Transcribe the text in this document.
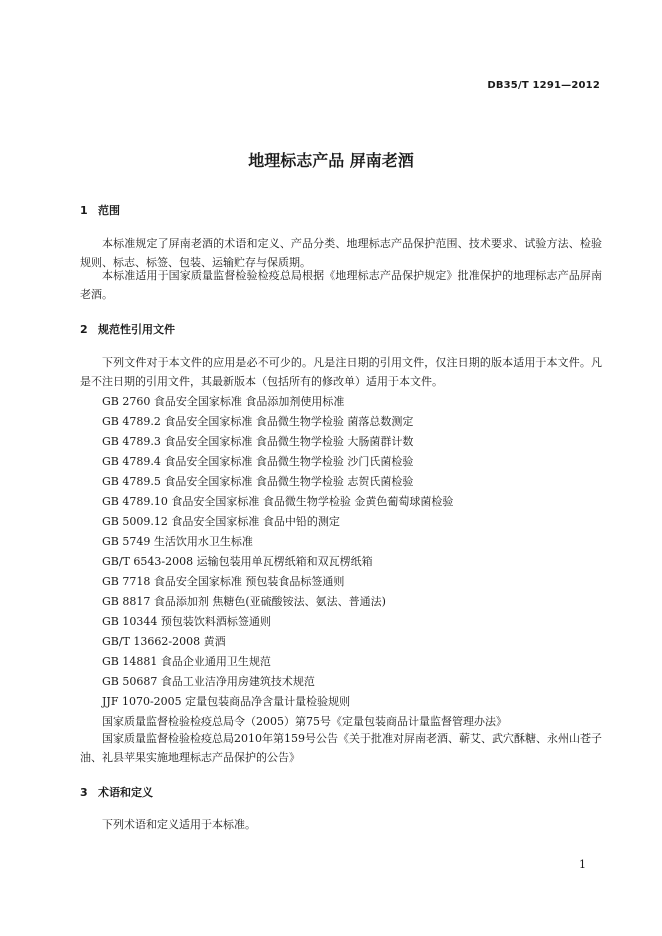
DB35/T 1291—2012
地理标志产品 屏南老酒
1 范围
本标准规定了屏南老酒的术语和定义、产品分类、地理标志产品保护范围、技术要求、试验方法、检验规则、标志、标签、包装、运输贮存与保质期。
本标准适用于国家质量监督检验检疫总局根据《地理标志产品保护规定》批准保护的地理标志产品屏南老酒。
2 规范性引用文件
下列文件对于本文件的应用是必不可少的。凡是注日期的引用文件，仅注日期的版本适用于本文件。凡是不注日期的引用文件，其最新版本（包括所有的修改单）适用于本文件。
GB 2760 食品安全国家标准 食品添加剂使用标准
GB 4789.2 食品安全国家标准 食品微生物学检验 菌落总数测定
GB 4789.3 食品安全国家标准 食品微生物学检验 大肠菌群计数
GB 4789.4 食品安全国家标准 食品微生物学检验 沙门氏菌检验
GB 4789.5 食品安全国家标准 食品微生物学检验 志贺氏菌检验
GB 4789.10 食品安全国家标准 食品微生物学检验 金黄色葡萄球菌检验
GB 5009.12 食品安全国家标准 食品中铅的测定
GB 5749 生活饮用水卫生标准
GB/T 6543-2008 运输包装用单瓦楞纸箱和双瓦楞纸箱
GB 7718 食品安全国家标准 预包装食品标签通则
GB 8817 食品添加剂 焦糖色(亚硫酸铵法、氨法、普通法)
GB 10344 预包装饮料酒标签通则
GB/T 13662-2008 黄酒
GB 14881 食品企业通用卫生规范
GB 50687 食品工业洁净用房建筑技术规范
JJF 1070-2005 定量包装商品净含量计量检验规则
国家质量监督检验检疫总局令（2005）第75号《定量包装商品计量监督管理办法》
国家质量监督检验检疫总局2010年第159号公告《关于批准对屏南老酒、蕲艾、武穴酥糖、永州山苍子油、礼县苹果实施地理标志产品保护的公告》
3 术语和定义
下列术语和定义适用于本标准。
1
